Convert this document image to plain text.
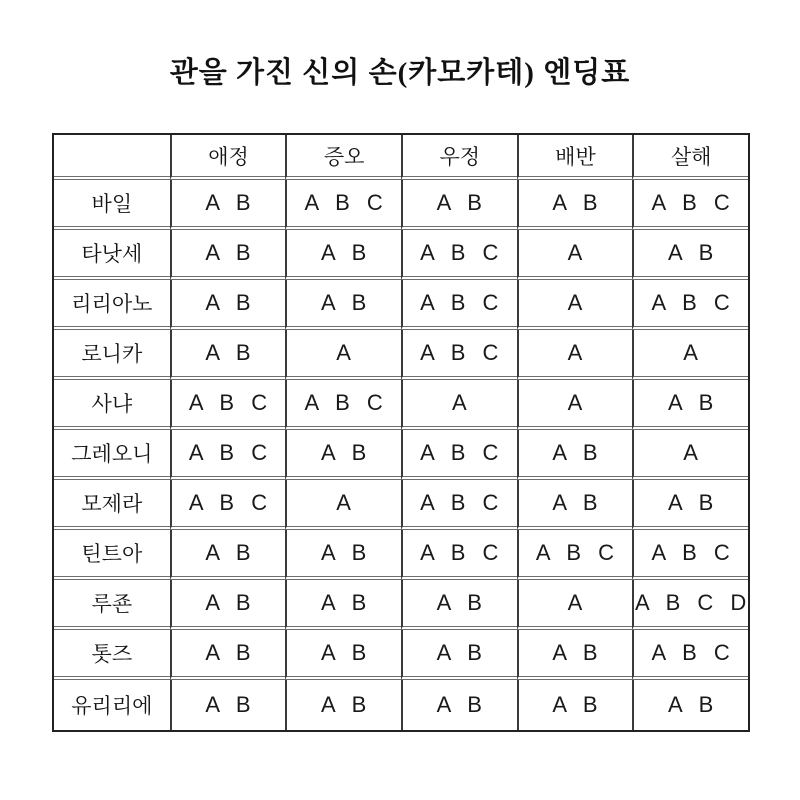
관을 가진 신의 손(카모카테) 엔딩표
	애정	증오	우정	배반	살해
바일	A B	A B C	A B	A B	A B C
타낫세	A B	A B	A B C	A	A B
리리아노	A B	A B	A B C	A	A B C
로니카	A B	A	A B C	A	A
사냐	A B C	A B C	A	A	A B
그레오니	A B C	A B	A B C	A B	A
모제라	A B C	A	A B C	A B	A B
틴트아	A B	A B	A B C	A B C	A B C
루죤	A B	A B	A B	A	A B C D
톳즈	A B	A B	A B	A B	A B C
유리리에	A B	A B	A B	A B	A B
